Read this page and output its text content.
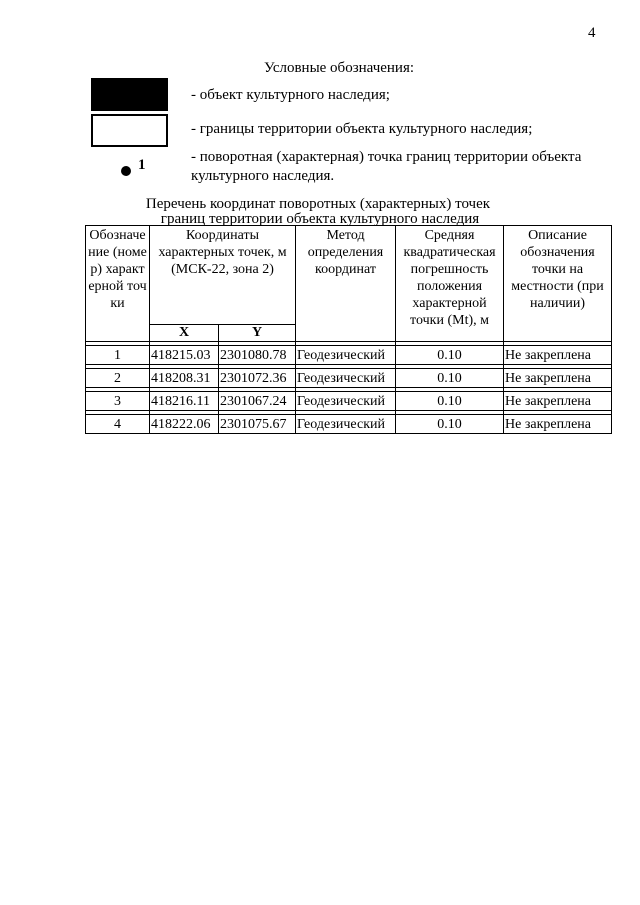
4
Условные обозначения:
- объект культурного наследия;
- границы территории объекта культурного наследия;
1	- поворотная (характерная) точка границ территории объекта культурного наследия.
Перечень координат поворотных (характерных) точек
границ территории объекта культурного наследия
Обозначение (номер) характерной точки	Координаты характерных точек, м (МСК-22, зона 2)		Метод определения координат	Средняя квадратическая погрешность положения характерной точки (Mt), м	Описание обозначения точки на местности (при наличии)
	X	Y			

1	418215.03	2301080.78	Геодезический	0.10	Не закреплена

2	418208.31	2301072.36	Геодезический	0.10	Не закреплена

3	418216.11	2301067.24	Геодезический	0.10	Не закреплена

4	418222.06	2301075.67	Геодезический	0.10	Не закреплена
